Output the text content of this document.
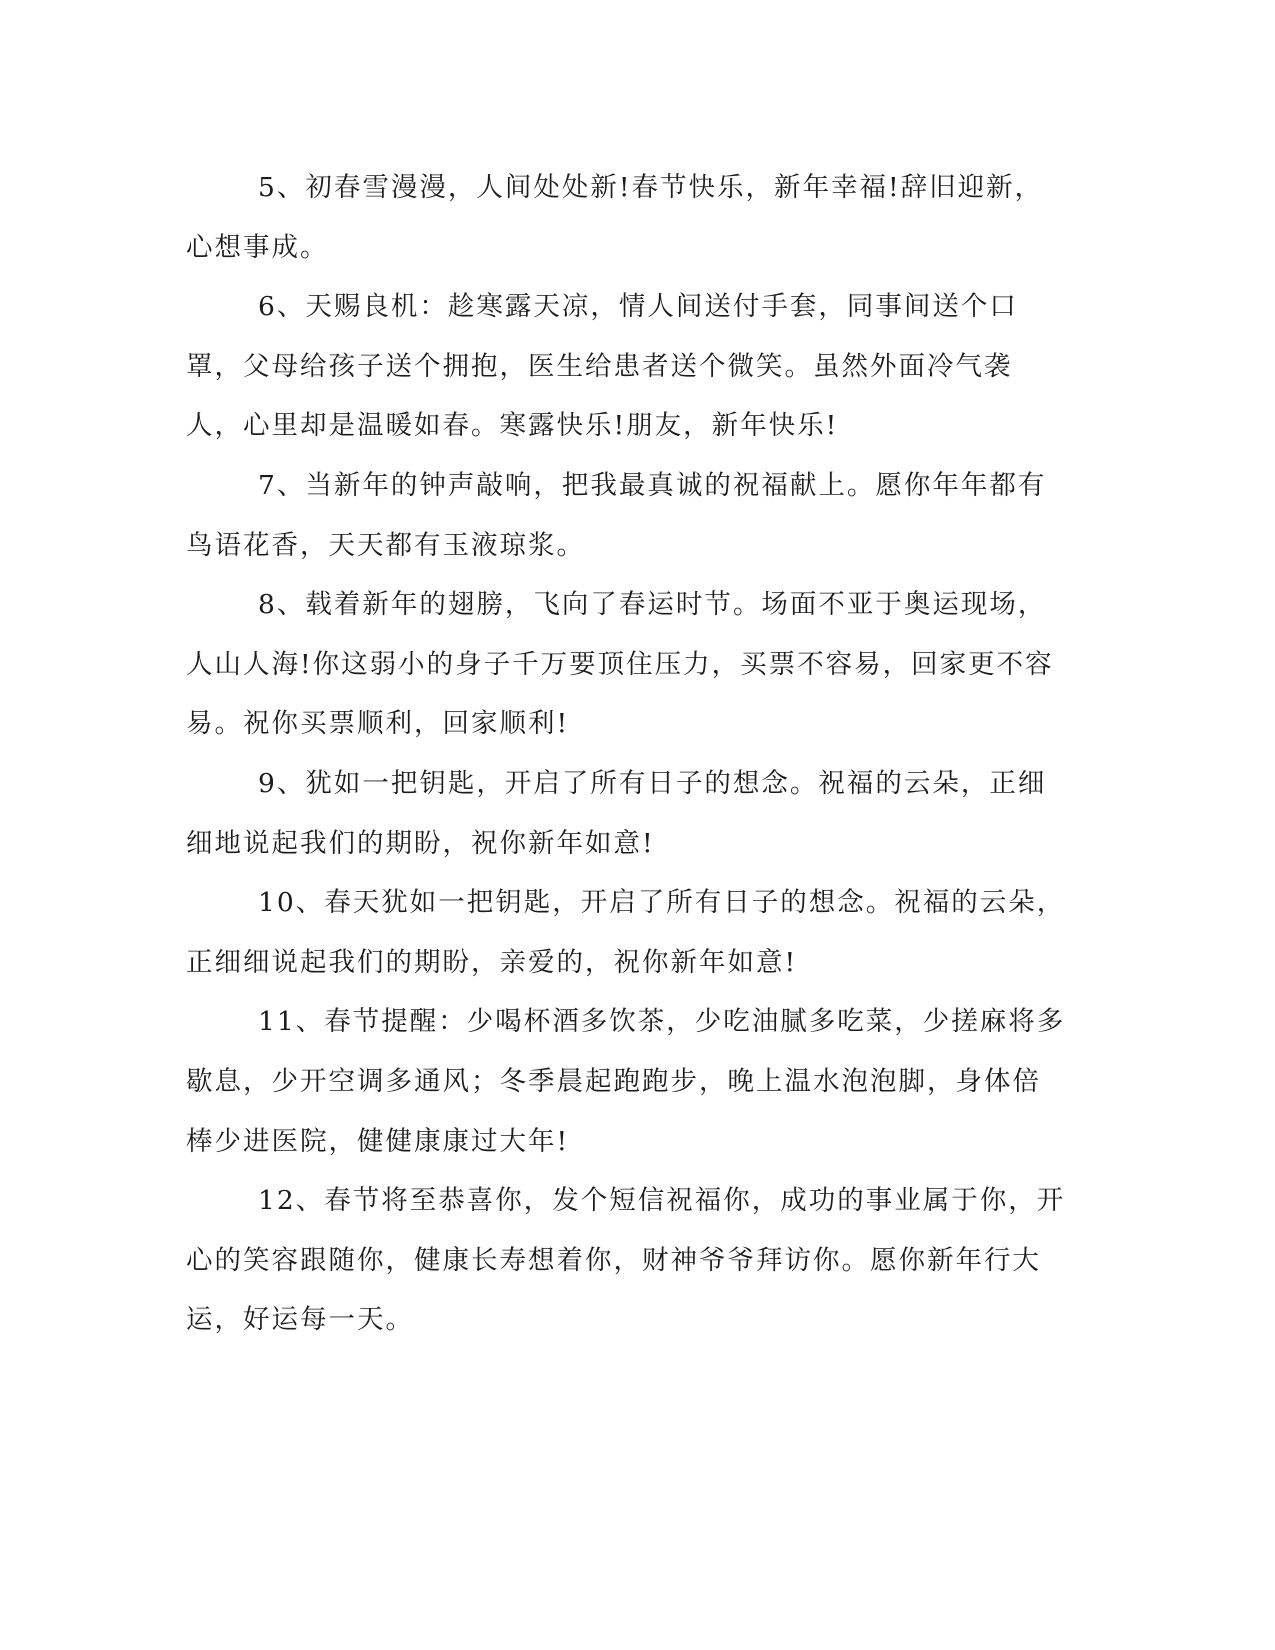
5、初春雪漫漫，人间处处新!春节快乐，新年幸福!辞旧迎新，心想事成。

6、天赐良机：趁寒露天凉，情人间送付手套，同事间送个口罩，父母给孩子送个拥抱，医生给患者送个微笑。虽然外面冷气袭人，心里却是温暖如春。寒露快乐!朋友，新年快乐!

7、当新年的钟声敲响，把我最真诚的祝福献上。愿你年年都有鸟语花香，天天都有玉液琼浆。

8、载着新年的翅膀，飞向了春运时节。场面不亚于奥运现场，人山人海!你这弱小的身子千万要顶住压力，买票不容易，回家更不容易。祝你买票顺利，回家顺利!

9、犹如一把钥匙，开启了所有日子的想念。祝福的云朵，正细细地说起我们的期盼，祝你新年如意!

10、春天犹如一把钥匙，开启了所有日子的想念。祝福的云朵，正细细说起我们的期盼，亲爱的，祝你新年如意!

11、春节提醒：少喝杯酒多饮茶，少吃油腻多吃菜，少搓麻将多歇息，少开空调多通风；冬季晨起跑跑步，晚上温水泡泡脚，身体倍棒少进医院，健健康康过大年!

12、春节将至恭喜你，发个短信祝福你，成功的事业属于你，开心的笑容跟随你，健康长寿想着你，财神爷爷拜访你。愿你新年行大运，好运每一天。
